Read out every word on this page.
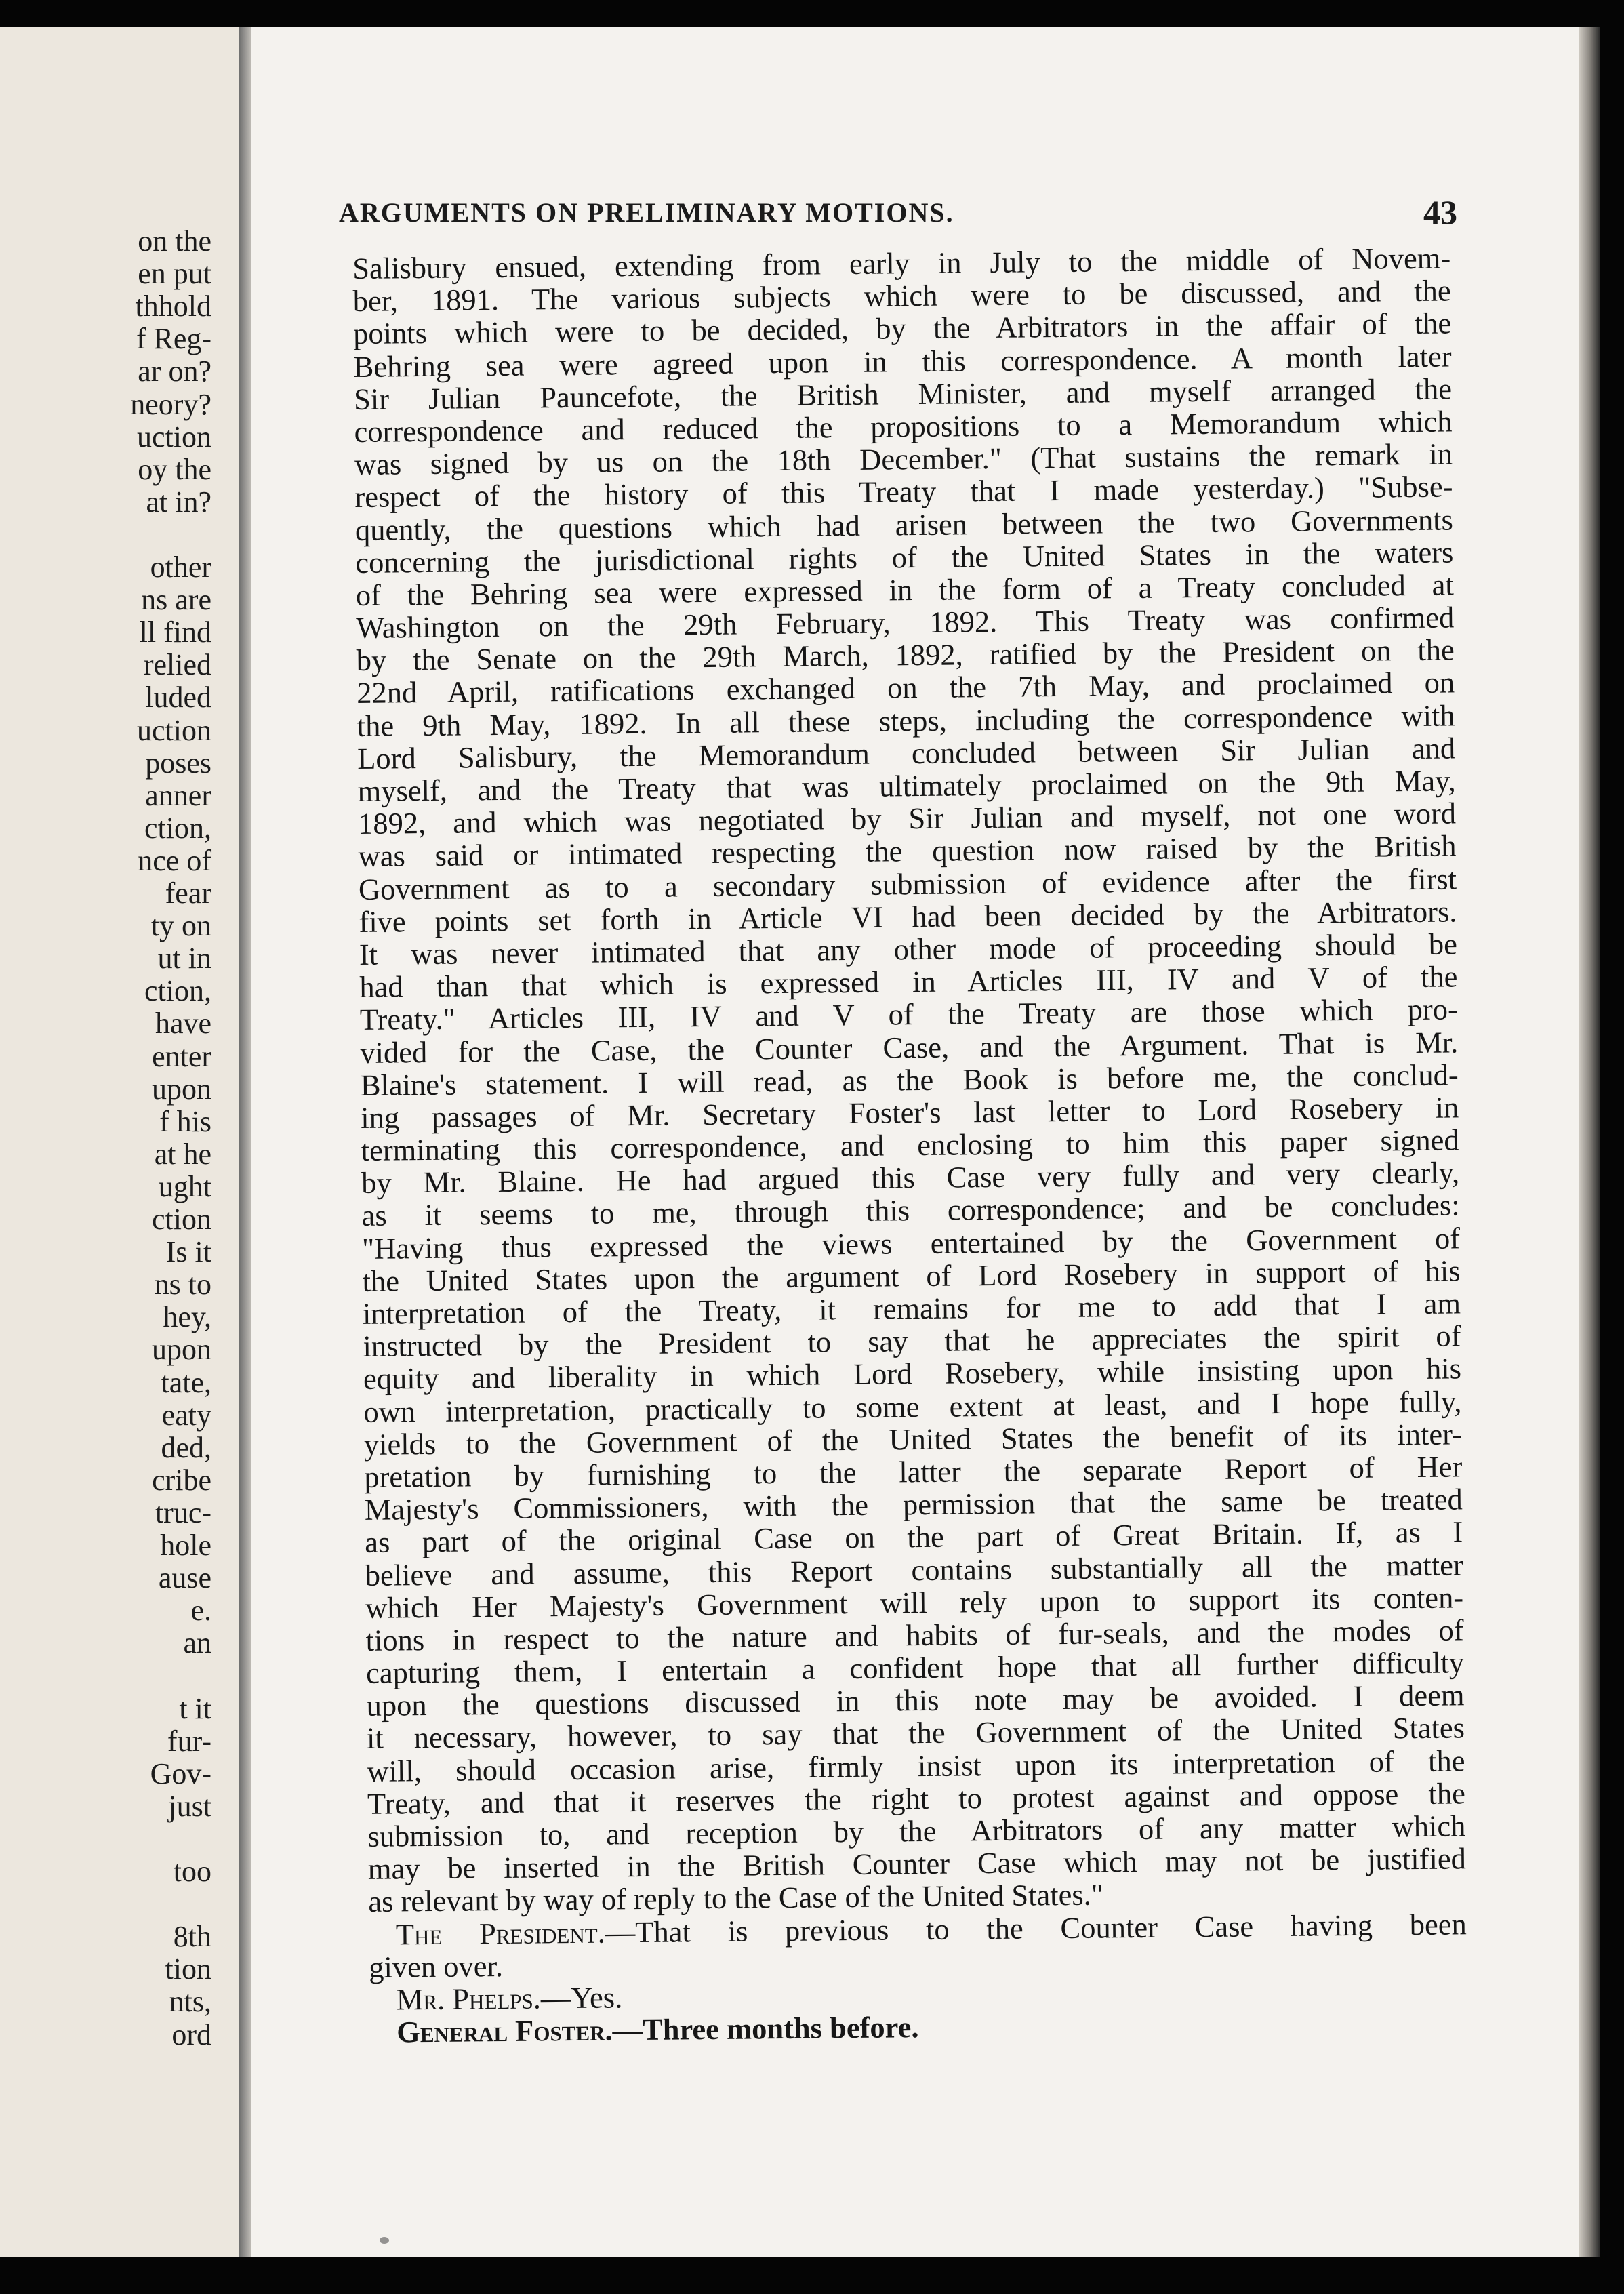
on the
en put
thhold
f Reg-
ar on?
neory?
uction
oy the
at in?
other
ns are
ll find
relied
luded
uction
poses
anner
ction,
nce of
fear
ty on
ut in
ction,
have
enter
upon
f his
at he
ught
ction
Is it
ns to
hey,
upon
tate,
eaty
ded,
cribe
truc-
hole
ause
e.
an
t it
fur-
Gov-
just
too
8th
tion
nts,
ord
ARGUMENTS ON PRELIMINARY MOTIONS.	43
Salisbury ensued, extending from early in July to the middle of Novem-
ber, 1891. The various subjects which were to be discussed, and the
points which were to be decided, by the Arbitrators in the affair of the
Behring sea were agreed upon in this correspondence. A month later
Sir Julian Pauncefote, the British Minister, and myself arranged the
correspondence and reduced the propositions to a Memorandum which
was signed by us on the 18th December." (That sustains the remark in
respect of the history of this Treaty that I made yesterday.) "Subse-
quently, the questions which had arisen between the two Governments
concerning the jurisdictional rights of the United States in the waters
of the Behring sea were expressed in the form of a Treaty concluded at
Washington on the 29th February, 1892. This Treaty was confirmed
by the Senate on the 29th March, 1892, ratified by the President on the
22nd April, ratifications exchanged on the 7th May, and proclaimed on
the 9th May, 1892. In all these steps, including the correspondence with
Lord Salisbury, the Memorandum concluded between Sir Julian and
myself, and the Treaty that was ultimately proclaimed on the 9th May,
1892, and which was negotiated by Sir Julian and myself, not one word
was said or intimated respecting the question now raised by the British
Government as to a secondary submission of evidence after the first
five points set forth in Article VI had been decided by the Arbitrators.
It was never intimated that any other mode of proceeding should be
had than that which is expressed in Articles III, IV and V of the
Treaty." Articles III, IV and V of the Treaty are those which pro-
vided for the Case, the Counter Case, and the Argument. That is Mr.
Blaine's statement. I will read, as the Book is before me, the conclud-
ing passages of Mr. Secretary Foster's last letter to Lord Rosebery in
terminating this correspondence, and enclosing to him this paper signed
by Mr. Blaine. He had argued this Case very fully and very clearly,
as it seems to me, through this correspondence; and be concludes:
"Having thus expressed the views entertained by the Government of
the United States upon the argument of Lord Rosebery in support of his
interpretation of the Treaty, it remains for me to add that I am
instructed by the President to say that he appreciates the spirit of
equity and liberality in which Lord Rosebery, while insisting upon his
own interpretation, practically to some extent at least, and I hope fully,
yields to the Government of the United States the benefit of its inter-
pretation by furnishing to the latter the separate Report of Her
Majesty's Commissioners, with the permission that the same be treated
as part of the original Case on the part of Great Britain. If, as I
believe and assume, this Report contains substantially all the matter
which Her Majesty's Government will rely upon to support its conten-
tions in respect to the nature and habits of fur-seals, and the modes of
capturing them, I entertain a confident hope that all further difficulty
upon the questions discussed in this note may be avoided. I deem
it necessary, however, to say that the Government of the United States
will, should occasion arise, firmly insist upon its interpretation of the
Treaty, and that it reserves the right to protest against and oppose the
submission to, and reception by the Arbitrators of any matter which
may be inserted in the British Counter Case which may not be justified
as relevant by way of reply to the Case of the United States."
The President.—That is previous to the Counter Case having been
given over.
Mr. Phelps.—Yes.
General Foster.—Three months before.
